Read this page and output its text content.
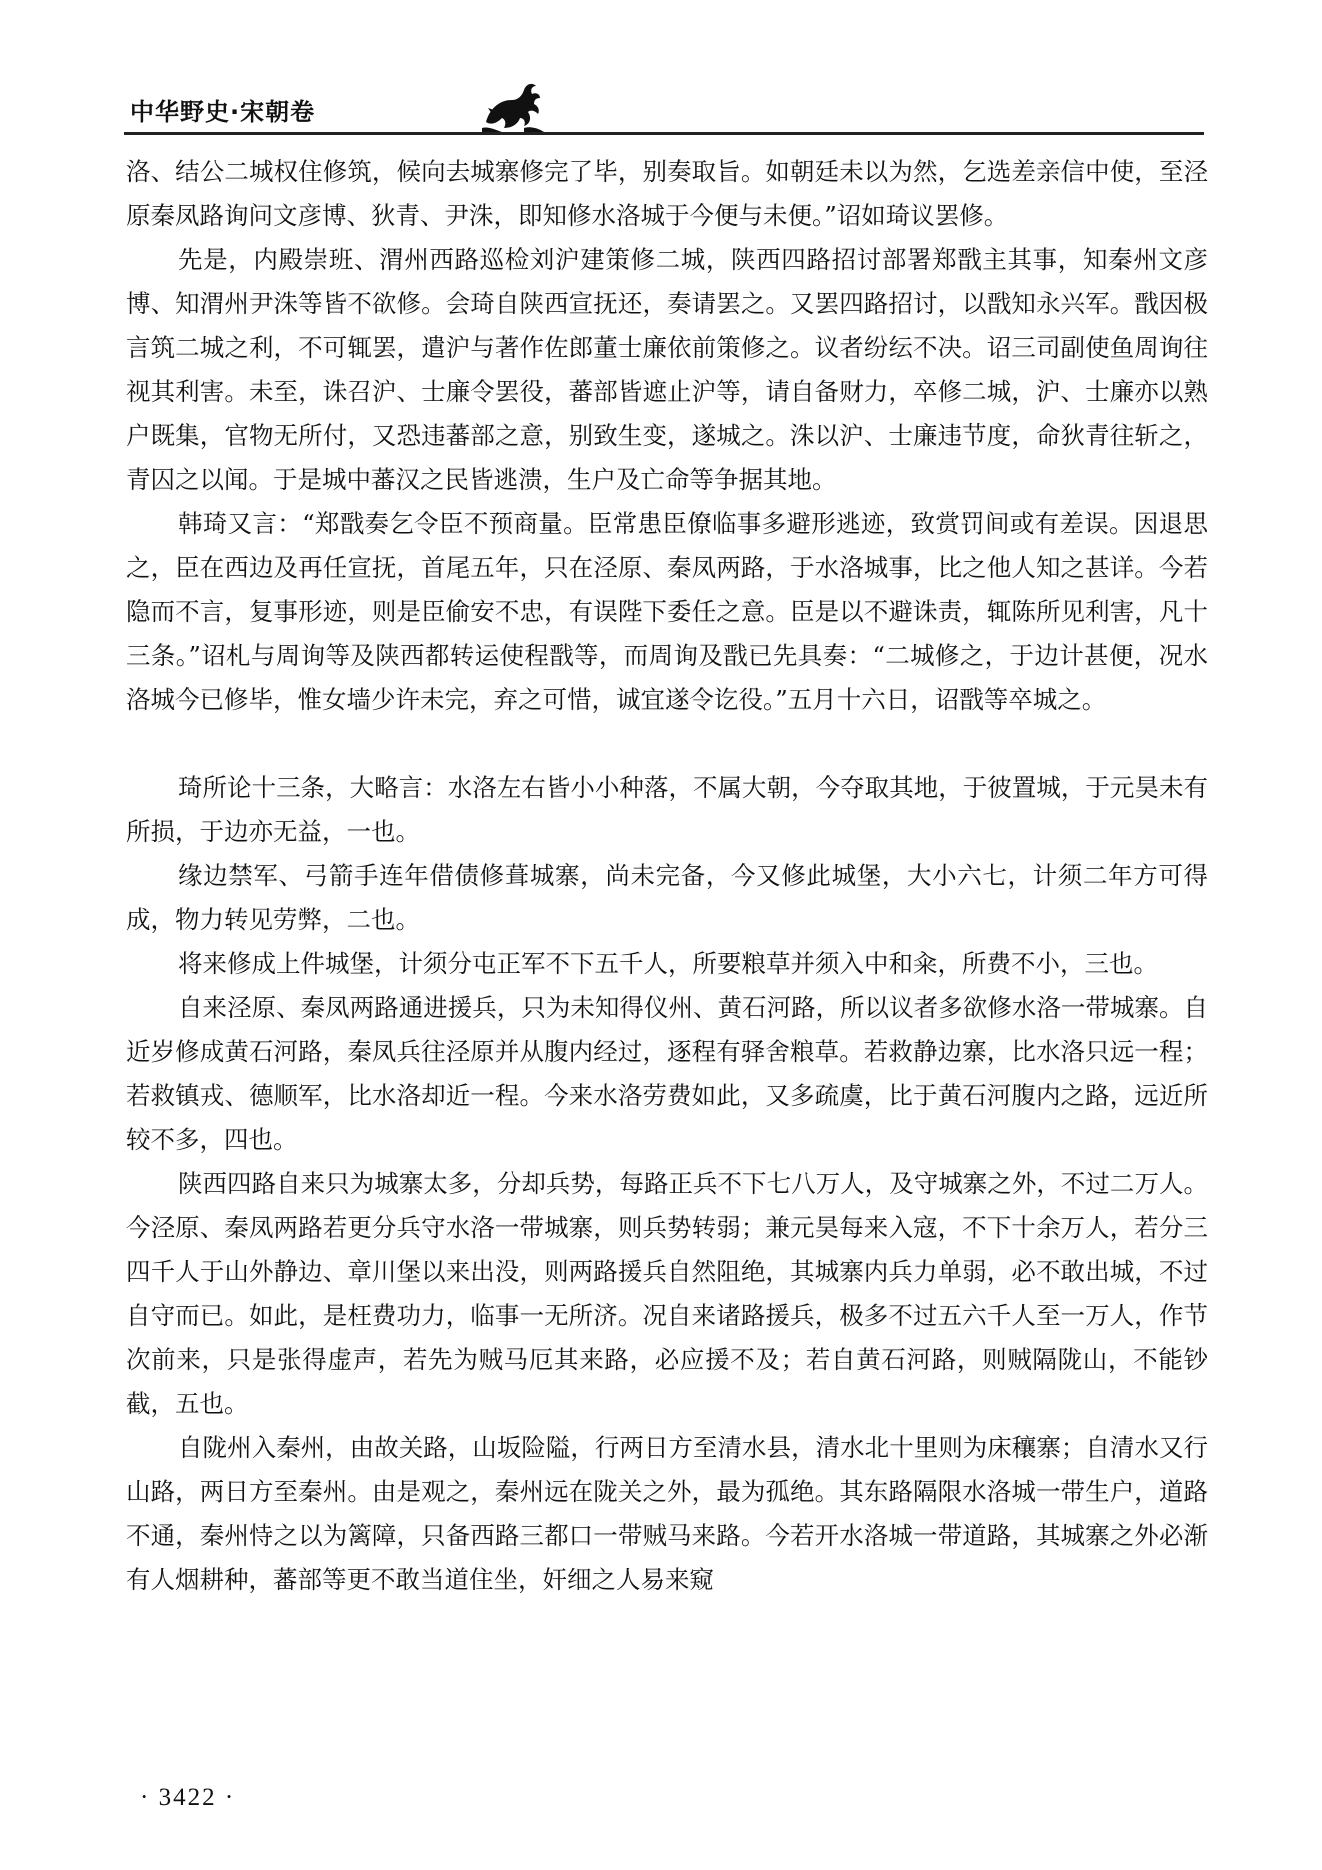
中华野史·宋朝卷

洛、结公二城权住修筑，候向去城寨修完了毕，别奏取旨。如朝廷未以为然，乞选差亲信中使，至泾原秦凤路询问文彦博、狄青、尹洙，即知修水洛城于今便与未便。”诏如琦议罢修。

先是，内殿崇班、渭州西路巡检刘沪建策修二城，陕西四路招讨部署郑戬主其事，知秦州文彦博、知渭州尹洙等皆不欲修。会琦自陕西宣抚还，奏请罢之。又罢四路招讨，以戬知永兴军。戬因极言筑二城之利，不可辄罢，遣沪与著作佐郎董士廉依前策修之。议者纷纭不决。诏三司副使鱼周询往视其利害。未至，诛召沪、士廉令罢役，蕃部皆遮止沪等，请自备财力，卒修二城，沪、士廉亦以熟户既集，官物无所付，又恐违蕃部之意，别致生变，遂城之。洙以沪、士廉违节度，命狄青往斩之，青囚之以闻。于是城中蕃汉之民皆逃溃，生户及亡命等争据其地。

韩琦又言：“郑戬奏乞令臣不预商量。臣常患臣僚临事多避形逃迹，致赏罚间或有差误。因退思之，臣在西边及再任宣抚，首尾五年，只在泾原、秦凤两路，于水洛城事，比之他人知之甚详。今若隐而不言，复事形迹，则是臣偷安不忠，有误陛下委任之意。臣是以不避诛责，辄陈所见利害，凡十三条。”诏札与周询等及陕西都转运使程戬等，而周询及戬已先具奏：“二城修之，于边计甚便，况水洛城今已修毕，惟女墙少许未完，弃之可惜，诚宜遂令讫役。”五月十六日，诏戬等卒城之。

琦所论十三条，大略言：水洛左右皆小小种落，不属大朝，今夺取其地，于彼置城，于元昊未有所损，于边亦无益，一也。

缘边禁军、弓箭手连年借债修葺城寨，尚未完备，今又修此城堡，大小六七，计须二年方可得成，物力转见劳弊，二也。

将来修成上件城堡，计须分屯正军不下五千人，所要粮草并须入中和籴，所费不小，三也。

自来泾原、秦凤两路通进援兵，只为未知得仪州、黄石河路，所以议者多欲修水洛一带城寨。自近岁修成黄石河路，秦凤兵往泾原并从腹内经过，逐程有驿舍粮草。若救静边寨，比水洛只远一程；若救镇戎、德顺军，比水洛却近一程。今来水洛劳费如此，又多疏虞，比于黄石河腹内之路，远近所较不多，四也。

陕西四路自来只为城寨太多，分却兵势，每路正兵不下七八万人，及守城寨之外，不过二万人。今泾原、秦凤两路若更分兵守水洛一带城寨，则兵势转弱；兼元昊每来入寇，不下十余万人，若分三四千人于山外静边、章川堡以来出没，则两路援兵自然阻绝，其城寨内兵力单弱，必不敢出城，不过自守而已。如此，是枉费功力，临事一无所济。况自来诸路援兵，极多不过五六千人至一万人，作节次前来，只是张得虚声，若先为贼马厄其来路，必应援不及；若自黄石河路，则贼隔陇山，不能钞截，五也。

自陇州入秦州，由故关路，山坂险隘，行两日方至清水县，清水北十里则为床穰寨；自清水又行山路，两日方至秦州。由是观之，秦州远在陇关之外，最为孤绝。其东路隔限水洛城一带生户，道路不通，秦州恃之以为篱障，只备西路三都口一带贼马来路。今若开水洛城一带道路，其城寨之外必渐有人烟耕种，蕃部等更不敢当道住坐，奸细之人易来窥

· 3422 ·
